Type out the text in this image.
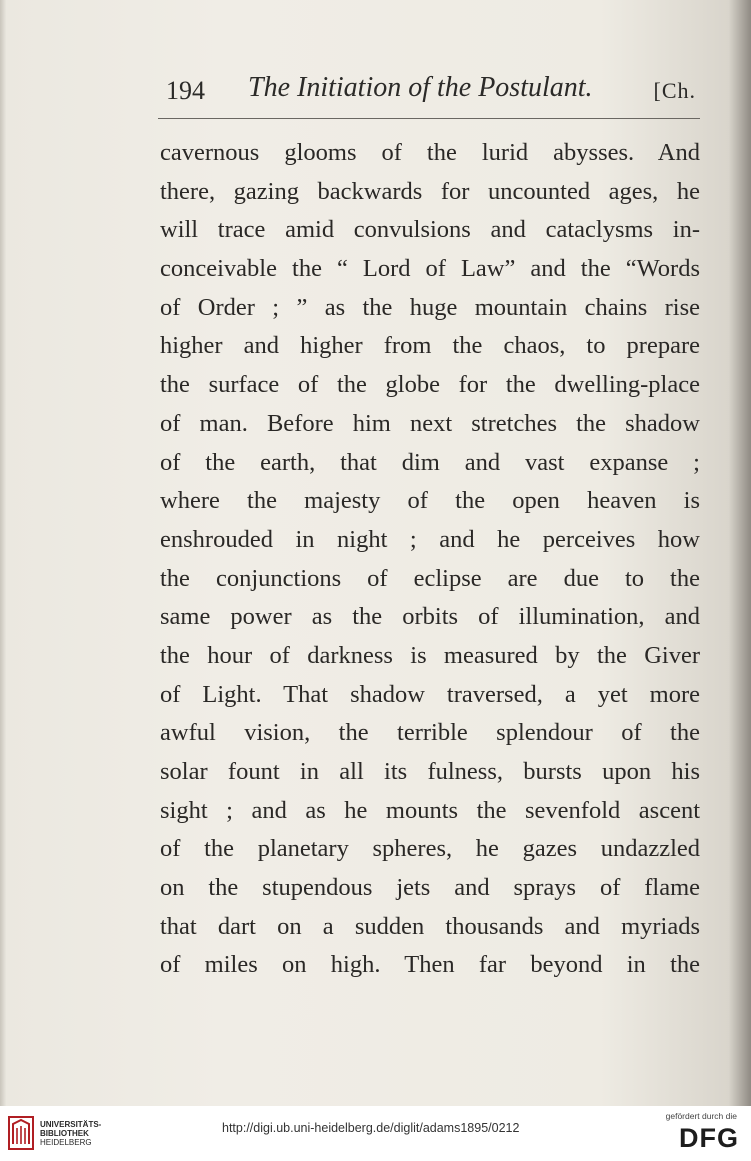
194 The Initiation of the Postulant.	[Ch.
cavernous glooms of the lurid abysses. And
there, gazing backwards for uncounted ages, he
will trace amid convulsions and cataclysms in-
conceivable the “ Lord of Law” and the “Words
of Order ; ” as the huge mountain chains rise
higher and higher from the chaos, to prepare
the surface of the globe for the dwelling-place
of man. Before him next stretches the shadow
of the earth, that dim and vast expanse ;
where the majesty of the open heaven is
enshrouded in night ; and he perceives how
the conjunctions of eclipse are due to the
same power as the orbits of illumination, and
the hour of darkness is measured by the Giver
of Light. That shadow traversed, a yet more
awful vision, the terrible splendour of the
solar fount in all its fulness, bursts upon his
sight ; and as he mounts the sevenfold ascent
of the planetary spheres, he gazes undazzled
on the stupendous jets and sprays of flame
that dart on a sudden thousands and myriads
of miles on high. Then far beyond in the
UNIVERSITÄTS-
BIBLIOTHEK
HEIDELBERG
http://digi.ub.uni-heidelberg.de/diglit/adams1895/0212
gefördert durch die
DFG
